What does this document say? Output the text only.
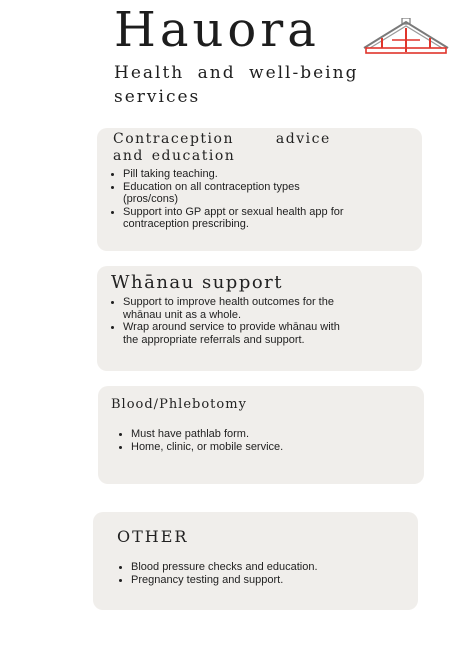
Hauora
Health and well-being services
Contraception advice
and education
• Pill taking teaching.
• Education on all contraception types (pros/cons)
• Support into GP appt or sexual health app for contraception prescribing.
Whānau support
• Support to improve health outcomes for the whānau unit as a whole.
• Wrap around service to provide whānau with the appropriate referrals and support.
Blood/Phlebotomy
• Must have pathlab form.
• Home, clinic, or mobile service.
OTHER
• Blood pressure checks and education.
• Pregnancy testing and support.
